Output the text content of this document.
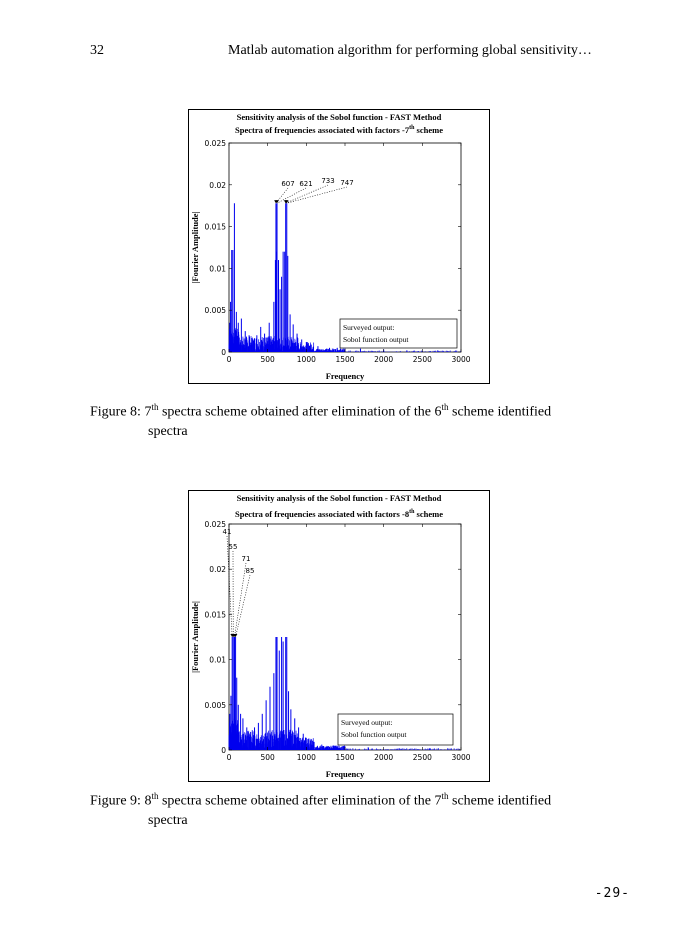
32	Matlab automation algorithm for performing global sensitivity…
Sensitivity analysis of the Sobol function - FAST Method
Spectra of frequencies associated with factors -7th scheme
0	500	1000	1500	2000	2500	3000
0
0.005
0.01
0.015
0.02
0.025
Frequency
|Fourier Amplitude|
Surveyed output:
Sobol function output
607 621 733 747
Figure 8: 7th spectra scheme obtained after elimination of the 6th scheme identified
spectra
Sensitivity analysis of the Sobol function - FAST Method
Spectra of frequencies associated with factors -8th scheme
0	500	1000	1500	2000	2500	3000
0
0.005
0.01
0.015
0.02
0.025
Frequency
|Fourier Amplitude|
Surveyed output:
Sobol function output
41
55
71
85
Figure 9: 8th spectra scheme obtained after elimination of the 7th scheme identified
spectra
-29-
